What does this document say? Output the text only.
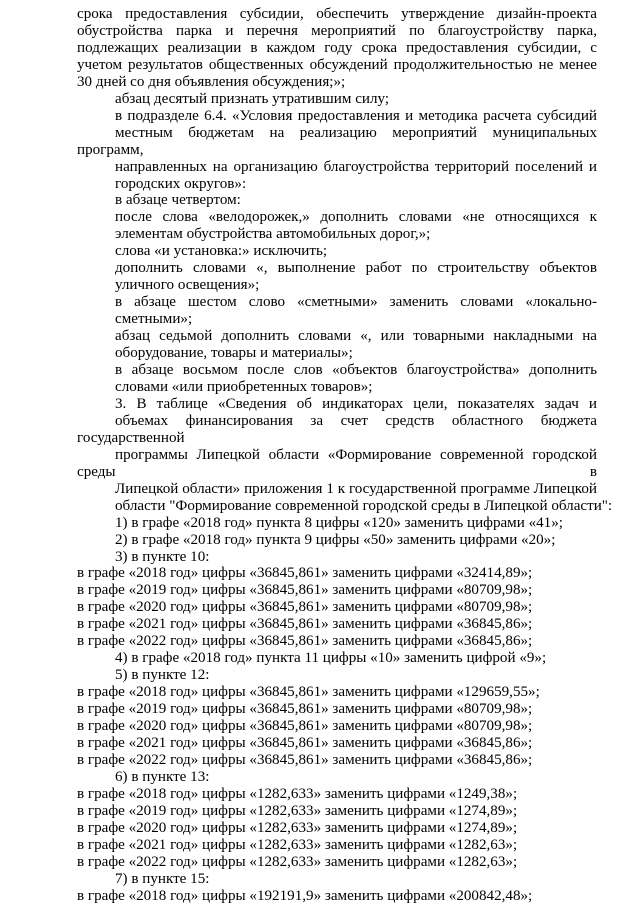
срока предоставления субсидии, обеспечить утверждение дизайн-проекта
обустройства парка и перечня мероприятий по благоустройству парка,
подлежащих реализации в каждом году срока предоставления субсидии, с
учетом результатов общественных обсуждений продолжительностью не менее
30 дней со дня объявления обсуждения;»;
абзац десятый признать утратившим силу;
в подразделе 6.4. «Условия предоставления и методика расчета субсидий
местным бюджетам на реализацию мероприятий муниципальных программ,
направленных на организацию благоустройства территорий поселений и
городских округов»:
в абзаце четвертом:
после слова «велодорожек,» дополнить словами «не относящихся к
элементам обустройства автомобильных дорог,»;
слова «и установка:» исключить;
дополнить словами «, выполнение работ по строительству объектов
уличного освещения»;
в абзаце шестом слово «сметными» заменить словами «локально-
сметными»;
абзац седьмой дополнить словами «, или товарными накладными на
оборудование, товары и материалы»;
в абзаце восьмом после слов «объектов благоустройства» дополнить
словами «или приобретенных товаров»;
3. В таблице «Сведения об индикаторах цели, показателях задач и
объемах финансирования за счет средств областного бюджета государственной
программы Липецкой области «Формирование современной городской среды в
Липецкой области» приложения 1 к государственной программе Липецкой
области "Формирование современной городской среды в Липецкой области":
1) в графе «2018 год» пункта 8 цифры «120» заменить цифрами «41»;
2) в графе «2018 год» пункта 9 цифры «50» заменить цифрами «20»;
3) в пункте 10:
в графе «2018 год» цифры «36845,861» заменить цифрами «32414,89»;
в графе «2019 год» цифры «36845,861» заменить цифрами «80709,98»;
в графе «2020 год» цифры «36845,861» заменить цифрами «80709,98»;
в графе «2021 год» цифры «36845,861» заменить цифрами «36845,86»;
в графе «2022 год» цифры «36845,861» заменить цифрами «36845,86»;
4) в графе «2018 год» пункта 11 цифры «10» заменить цифрой «9»;
5) в пункте 12:
в графе «2018 год» цифры «36845,861» заменить цифрами «129659,55»;
в графе «2019 год» цифры «36845,861» заменить цифрами «80709,98»;
в графе «2020 год» цифры «36845,861» заменить цифрами «80709,98»;
в графе «2021 год» цифры «36845,861» заменить цифрами «36845,86»;
в графе «2022 год» цифры «36845,861» заменить цифрами «36845,86»;
6) в пункте 13:
в графе «2018 год» цифры «1282,633» заменить цифрами «1249,38»;
в графе «2019 год» цифры «1282,633» заменить цифрами «1274,89»;
в графе «2020 год» цифры «1282,633» заменить цифрами «1274,89»;
в графе «2021 год» цифры «1282,633» заменить цифрами «1282,63»;
в графе «2022 год» цифры «1282,633» заменить цифрами «1282,63»;
7) в пункте 15:
в графе «2018 год» цифры «192191,9» заменить цифрами «200842,48»;
